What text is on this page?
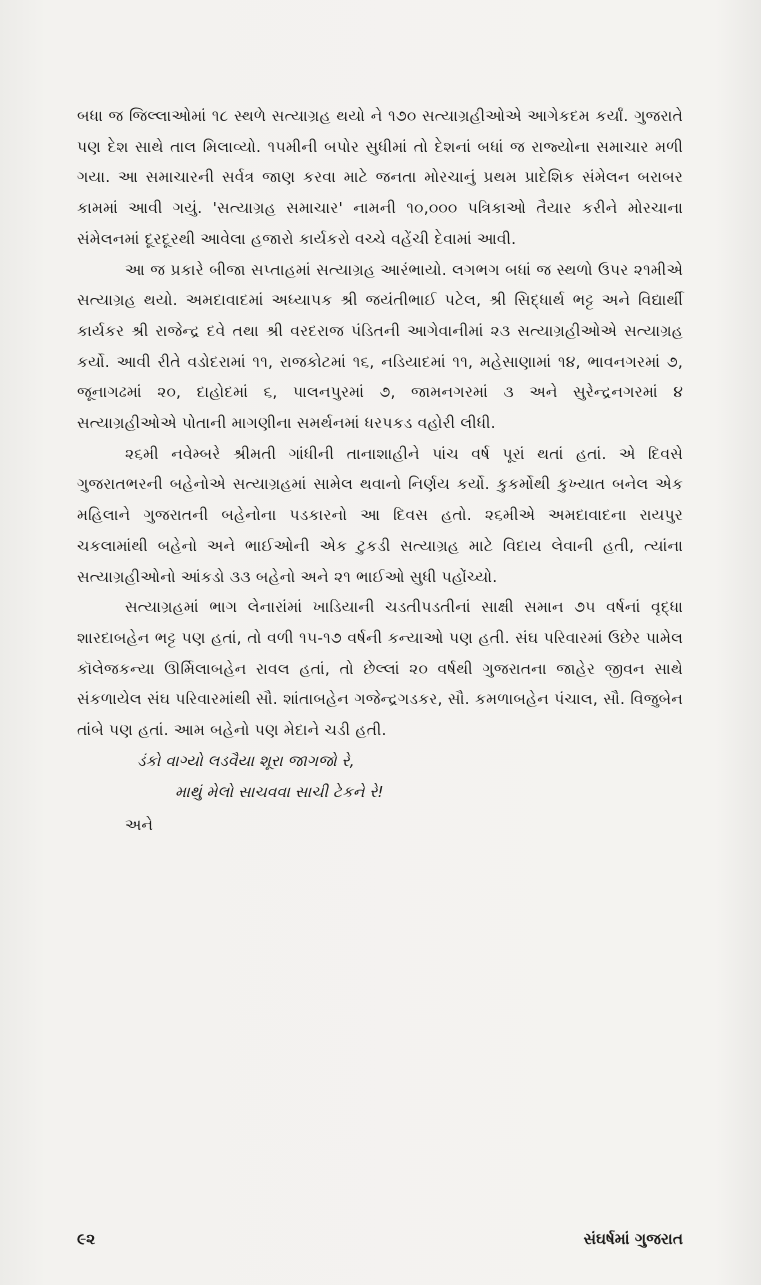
બધા જ જિલ્લાઓમાં ૧૮ સ્થળે સત્યાગ્રહ થયો ને ૧૭૦ સત્યાગ્રહીઓએ આગેકદમ કર્યાં. ગુજરાતે પણ દેશ સાથે તાલ મિલાવ્યો. ૧૫મીની બપોર સુધીમાં તો દેશનાં બધાં જ રાજ્યોના સમાચાર મળી ગયા. આ સમાચારની સર્વત્ર જાણ કરવા માટે જનતા મોરચાનું પ્રથમ પ્રાદેશિક સંમેલન બરાબર કામમાં આવી ગયું. 'સત્યાગ્રહ સમાચાર' નામની ૧૦,૦૦૦ પત્રિકાઓ તૈયાર કરીને મોરચાના સંમેલનમાં દૂરદૂરથી આવેલા હજારો કાર્યકરો વચ્ચે વહેંચી દેવામાં આવી.

આ જ પ્રકારે બીજા સપ્તાહમાં સત્યાગ્રહ આરંભાયો. લગભગ બધાં જ સ્થળો ઉપર ૨૧મીએ સત્યાગ્રહ થયો. અમદાવાદમાં અધ્યાપક શ્રી જયંતીભાઈ પટેલ, શ્રી સિદ્ધાર્થ ભટ્ટ અને વિદ્યાર્થી કાર્યકર શ્રી રાજેન્દ્ર દવે તથા શ્રી વરદરાજ પંડિતની આગેવાનીમાં ૨૩ સત્યાગ્રહીઓએ સત્યાગ્રહ કર્યો. આવી રીતે વડોદરામાં ૧૧, રાજકોટમાં ૧૬, નડિયાદમાં ૧૧, મહેસાણામાં ૧૪, ભાવનગરમાં ૭, જૂનાગઢમાં ૨૦, દાહોદમાં ૬, પાલનપુરમાં ૭, જામનગરમાં ૩ અને સુરેન્દ્રનગરમાં ૪ સત્યાગ્રહીઓએ પોતાની માગણીના સમર્થનમાં ધરપકડ વહોરી લીધી.

૨૬મી નવેમ્બરે શ્રીમતી ગાંધીની તાનાશાહીને પાંચ વર્ષ પૂરાં થતાં હતાં. એ દિવસે ગુજરાતભરની બહેનોએ સત્યાગ્રહમાં સામેલ થવાનો નિર્ણય કર્યો. કુકર્મોથી કુખ્યાત બનેલ એક મહિલાને ગુજરાતની બહેનોના પડકારનો આ દિવસ હતો. ૨૬મીએ અમદાવાદના રાયપુર ચકલામાંથી બહેનો અને ભાઈઓની એક ટુકડી સત્યાગ્રહ માટે વિદાય લેવાની હતી, ત્યાંના સત્યાગ્રહીઓનો આંકડો ૩૩ બહેનો અને ૨૧ ભાઈઓ સુધી પહોંચ્યો.

સત્યાગ્રહમાં ભાગ લેનારાંમાં ખાડિયાની ચડતીપડતીનાં સાક્ષી સમાન ૭૫ વર્ષનાં વૃદ્ધા શારદાબહેન ભટ્ટ પણ હતાં, તો વળી ૧૫-૧૭ વર્ષની કન્યાઓ પણ હતી. સંઘ પરિવારમાં ઉછેર પામેલ કૉલેજકન્યા ઊર્મિલાબહેન રાવલ હતાં, તો છેલ્લાં ૨૦ વર્ષથી ગુજરાતના જાહેર જીવન સાથે સંકળાયેલ સંઘ પરિવારમાંથી સૌ. શાંતાબહેન ગજેન્દ્રગડકર, સૌ. કમળાબહેન પંચાલ, સૌ. વિજુબેન તાંબે પણ હતાં. આમ બહેનો પણ મેદાને ચડી હતી.

ડંકો વાગ્યો લડવૈયા શૂરા જાગજો રે,
માથું મેલો સાચવવા સાચી ટેકને રે!
અને
૯૨	સંઘર્ષમાં ગુજરાત
